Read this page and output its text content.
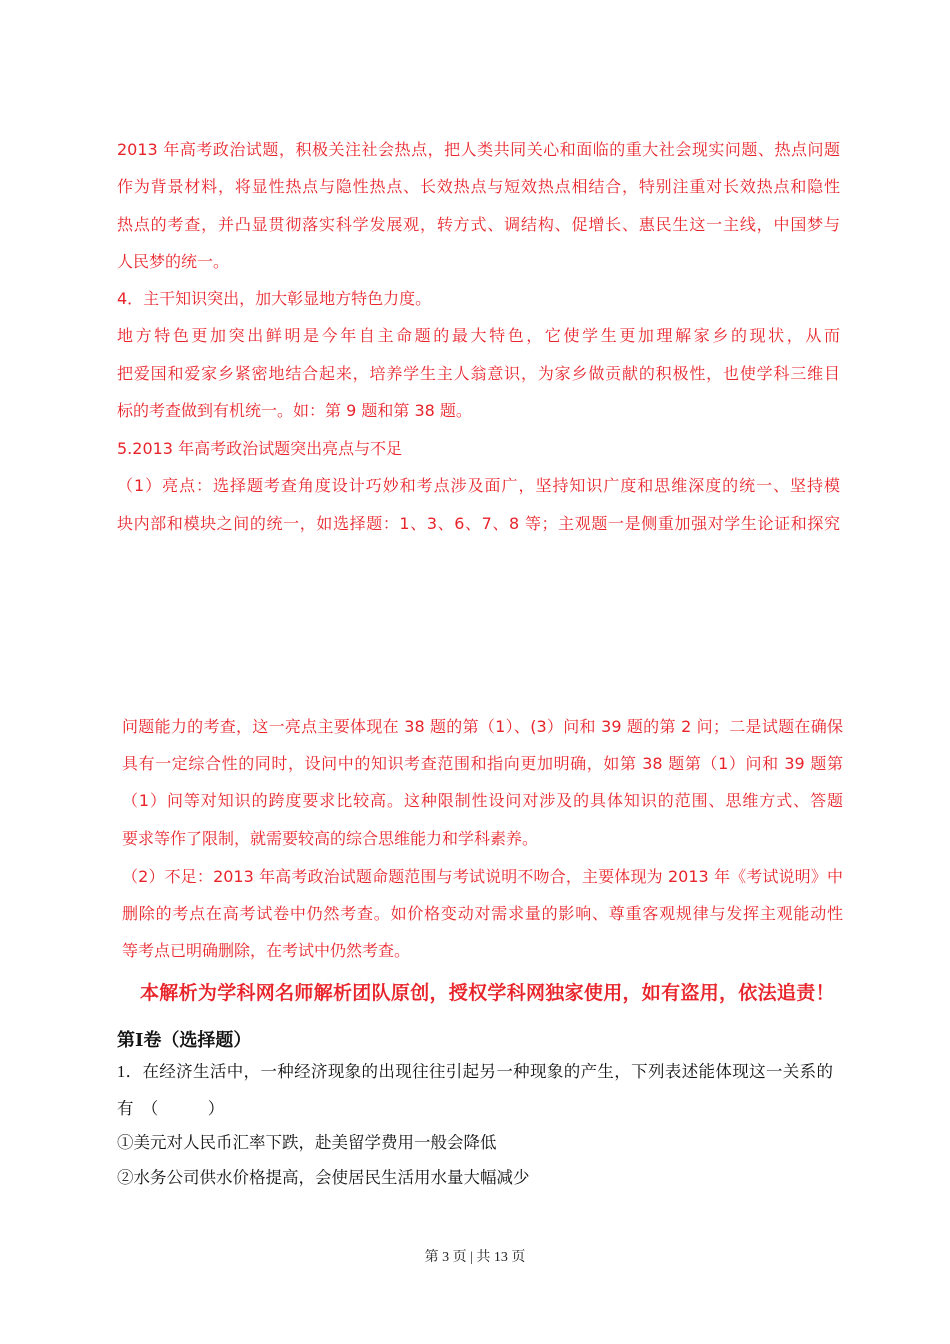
2013 年高考政治试题，积极关注社会热点，把人类共同关心和面临的重大社会现实问题、热点问题
作为背景材料，将显性热点与隐性热点、长效热点与短效热点相结合，特别注重对长效热点和隐性
热点的考查，并凸显贯彻落实科学发展观，转方式、调结构、促增长、惠民生这一主线，中国梦与
人民梦的统一。
4．主干知识突出，加大彰显地方特色力度。
地方特色更加突出鲜明是今年自主命题的最大特色，它使学生更加理解家乡的现状，从而
把爱国和爱家乡紧密地结合起来，培养学生主人翁意识，为家乡做贡献的积极性，也使学科三维目
标的考查做到有机统一。如：第 9 题和第 38 题。
5.2013 年高考政治试题突出亮点与不足
（1）亮点：选择题考查角度设计巧妙和考点涉及面广，坚持知识广度和思维深度的统一、坚持模
块内部和模块之间的统一，如选择题：1、3、6、7、8 等；主观题一是侧重加强对学生论证和探究
问题能力的考查，这一亮点主要体现在 38 题的第（1）、(3）问和 39 题的第 2 问；二是试题在确保
具有一定综合性的同时，设问中的知识考查范围和指向更加明确，如第 38 题第（1）问和 39 题第
（1）问等对知识的跨度要求比较高。这种限制性设问对涉及的具体知识的范围、思维方式、答题
要求等作了限制，就需要较高的综合思维能力和学科素养。
（2）不足：2013 年高考政治试题命题范围与考试说明不吻合，主要体现为 2013 年《考试说明》中
删除的考点在高考试卷中仍然考查。如价格变动对需求量的影响、尊重客观规律与发挥主观能动性
等考点已明确删除，在考试中仍然考查。
本解析为学科网名师解析团队原创，授权学科网独家使用，如有盗用，依法追责！
第Ⅰ卷（选择题）
1．在经济生活中，一种经济现象的出现往往引起另一种现象的产生，下列表述能体现这一关系的
有　（　　　）
①美元对人民币汇率下跌，赴美留学费用一般会降低
②水务公司供水价格提高，会使居民生活用水量大幅减少
第 3 页 | 共 13 页
